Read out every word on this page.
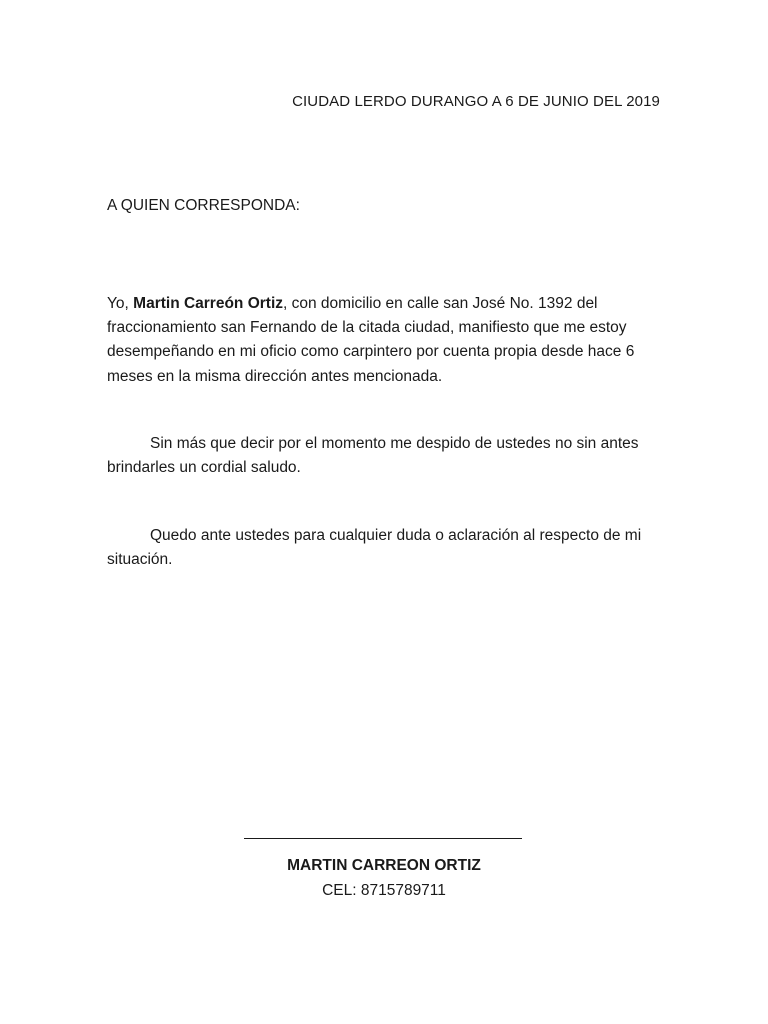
CIUDAD LERDO DURANGO A 6 DE JUNIO DEL 2019
A QUIEN CORRESPONDA:

Yo, Martin Carreón Ortiz, con domicilio en calle san José No. 1392 del fraccionamiento san Fernando de la citada ciudad, manifiesto que me estoy desempeñando en mi oficio como carpintero por cuenta propia desde hace 6 meses en la misma dirección antes mencionada.

Sin más que decir por el momento me despido de ustedes no sin antes brindarles un cordial saludo.

Quedo ante ustedes para cualquier duda o aclaración al respecto de mi situación.

MARTIN CARREON ORTIZ
CEL: 8715789711
